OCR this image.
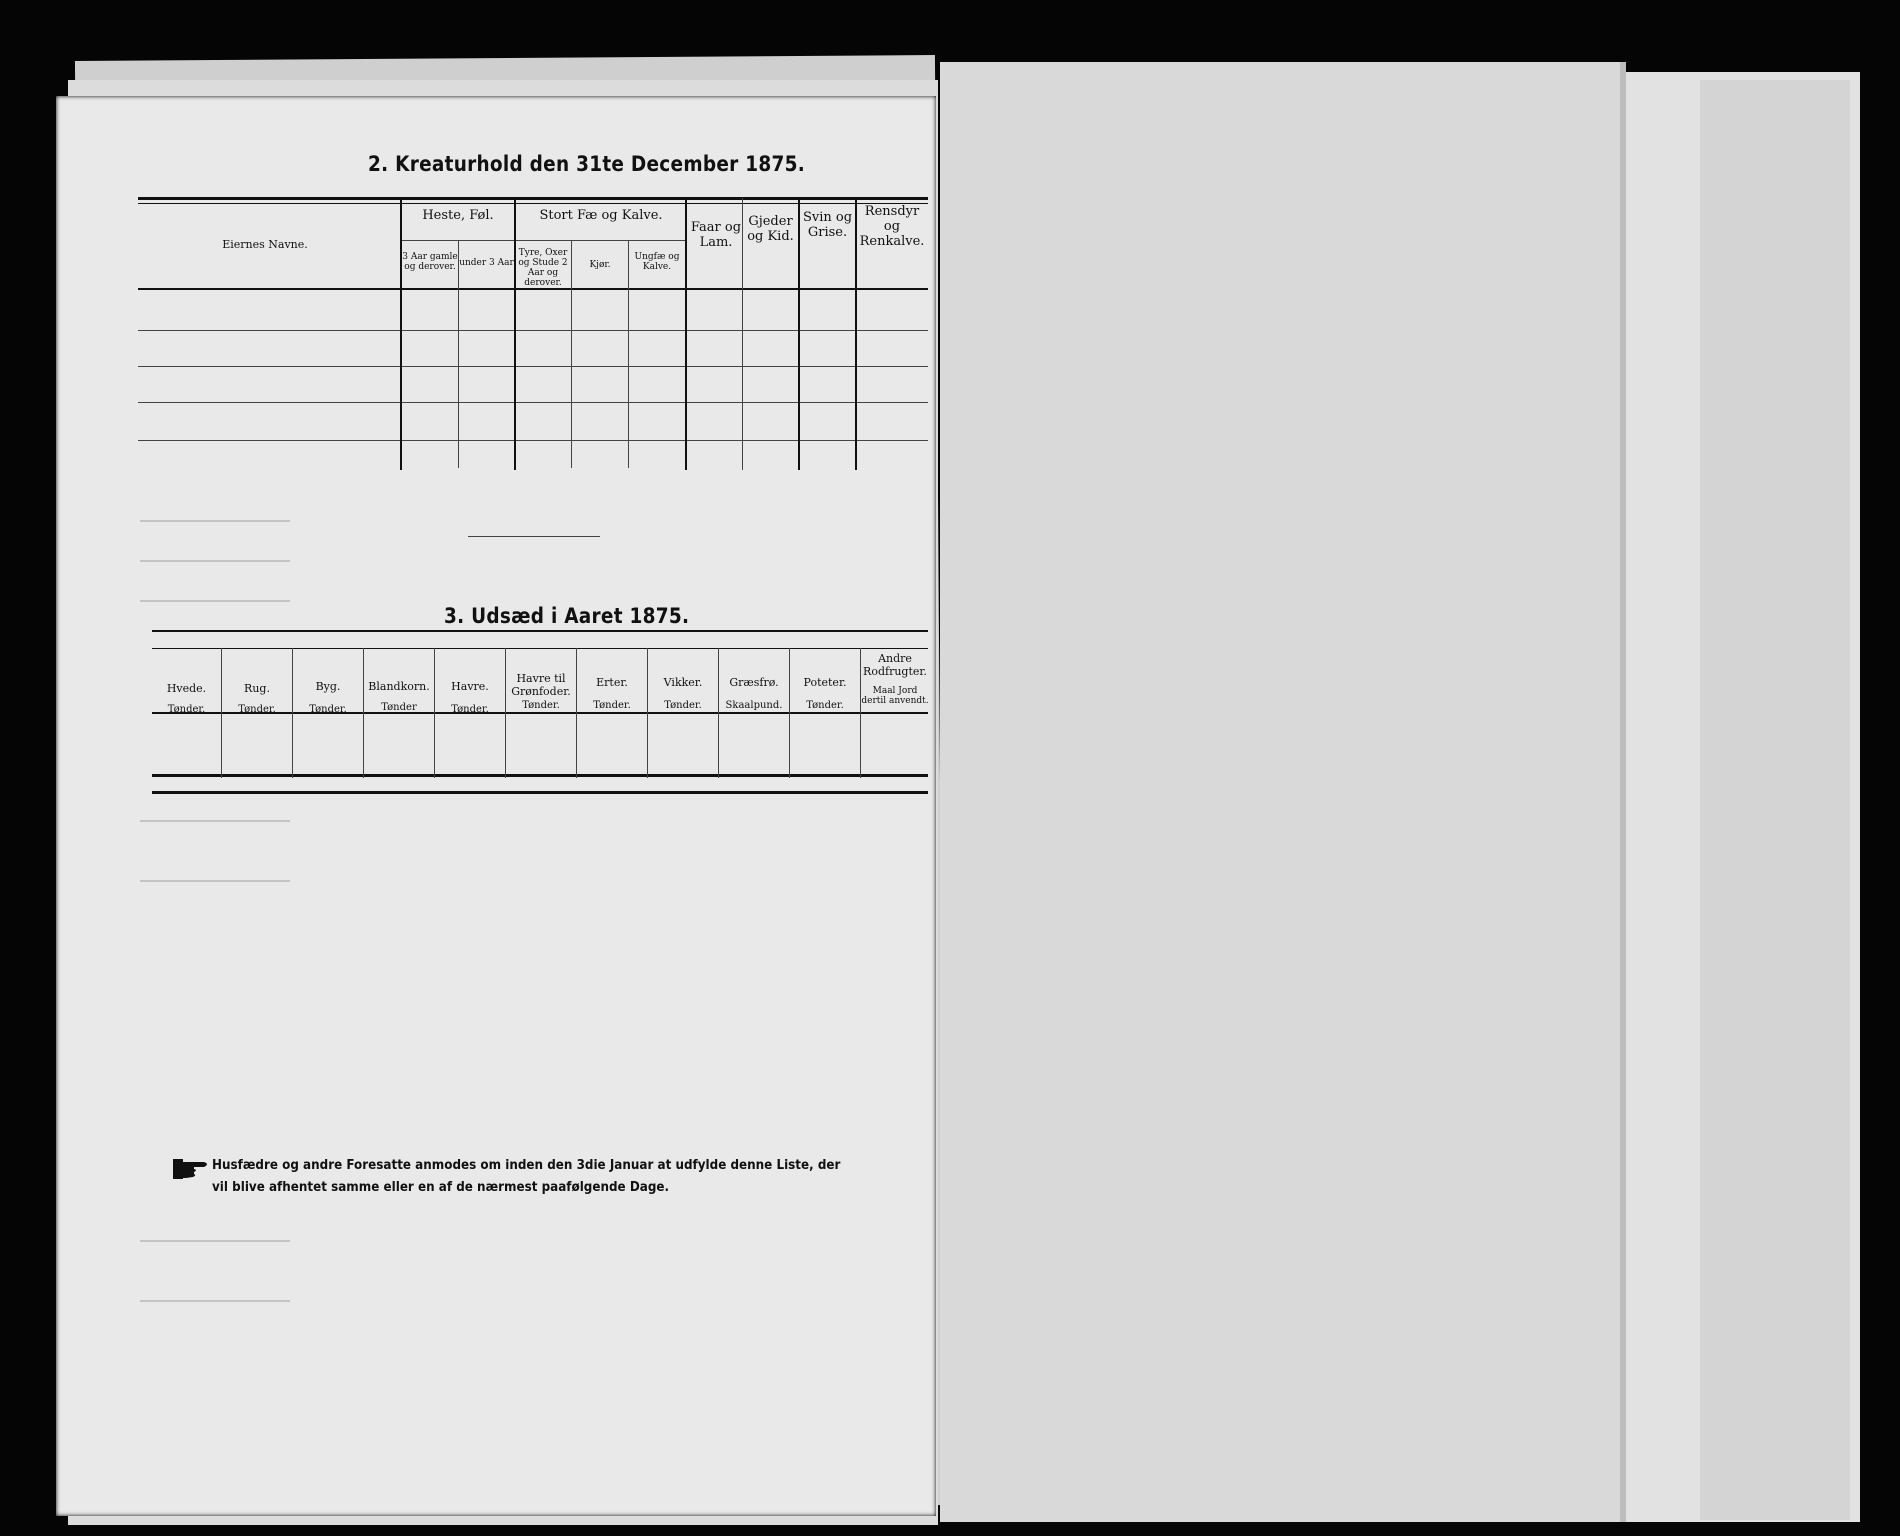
2. Kreaturhold den 31te December 1875.
Eiernes Navne.
Heste, Føl.
3 Aar gamle og derover. under 3 Aar
Stort Fæ og Kalve.
Tyre, Oxer og Stude 2 Aar og derover.
Kjør.
Ungfæ og Kalve.
Faar og Lam.
Gjeder og Kid.
Svin og Grise.
Rensdyr og Renkalve.
3. Udsæd i Aaret 1875.
Hvede.
Tønder.
Rug.
Tønder.
Byg.
Tønder.
Blandkorn.
Tønder
Havre.
Tønder.
Havre til Grønfoder.
Tønder.
Erter.
Tønder.
Vikker.
Tønder.
Græsfrø.
Skaalpund.
Poteter.
Tønder.
Andre Rodfrugter.
Maal Jord dertil anvendt.
Husfædre og andre Foresatte anmodes om inden den 3die Januar at udfylde denne Liste, der vil blive afhentet samme eller en af de nærmest paafølgende Dage.
